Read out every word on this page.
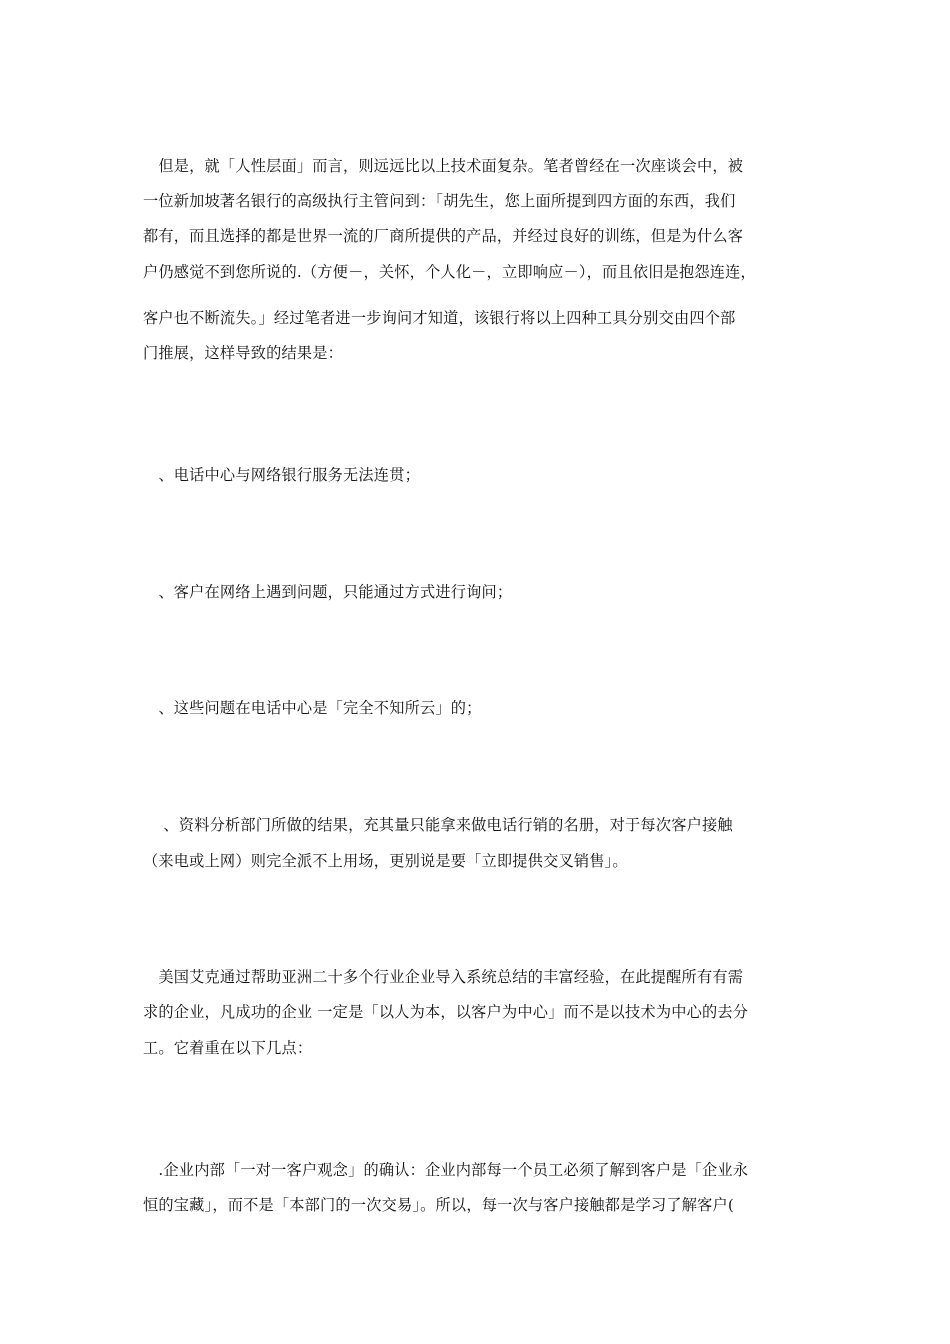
　但是，就「人性层面」而言，则远远比以上技术面复杂。笔者曾经在一次座谈会中，被
一位新加坡著名银行的高级执行主管问到：「胡先生，您上面所提到四方面的东西，我们
都有，而且选择的都是世界一流的厂商所提供的产品，并经过良好的训练，但是为什么客
户仍感觉不到您所说的.（方便－，关怀，个人化－，立即响应－），而且依旧是抱怨连连，
客户也不断流失。」经过笔者进一步询问才知道，该银行将以上四种工具分别交由四个部
门推展，这样导致的结果是：
　、电话中心与网络银行服务无法连贯；
　、客户在网络上遇到问题，只能通过方式进行询问；
　、这些问题在电话中心是「完全不知所云」的；
　 、资料分析部门所做的结果，充其量只能拿来做电话行销的名册，对于每次客户接触
（来电或上网）则完全派不上用场，更别说是要「立即提供交叉销售」。
　美国艾克通过帮助亚洲二十多个行业企业导入系统总结的丰富经验，在此提醒所有有需
求的企业，凡成功的企业 一定是「以人为本，以客户为中心」而不是以技术为中心的去分
工。它着重在以下几点：
　.企业内部「一对一客户观念」的确认：企业内部每一个员工必须了解到客户是「企业永
恒的宝藏」，而不是「本部门的一次交易」。所以，每一次与客户接触都是学习了解客户(
